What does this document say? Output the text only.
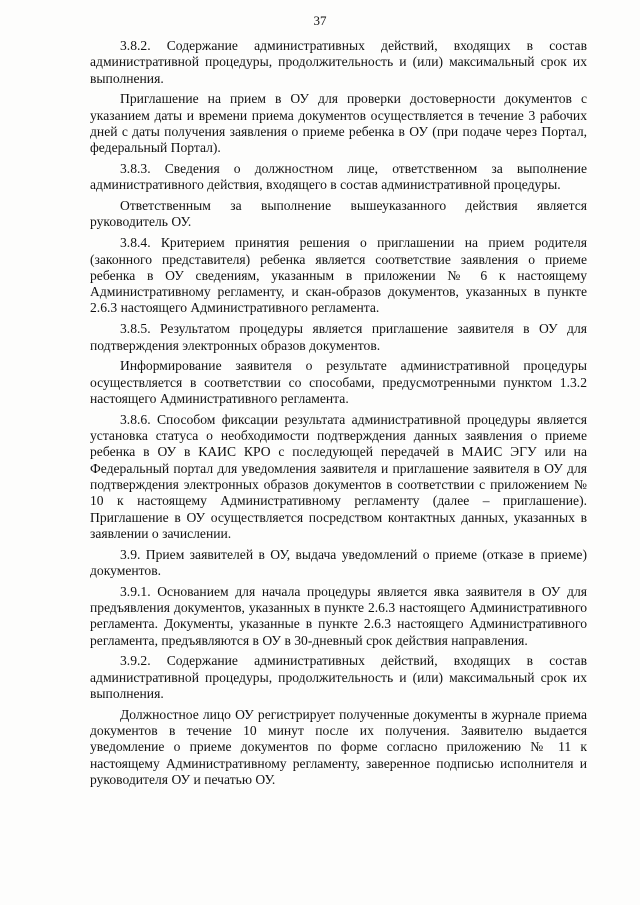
37

3.8.2. Содержание административных действий, входящих в состав административной процедуры, продолжительность и (или) максимальный срок их выполнения.

Приглашение на прием в ОУ для проверки достоверности документов с указанием даты и времени приема документов осуществляется в течение 3 рабочих дней с даты получения заявления о приеме ребенка в ОУ (при подаче через Портал, федеральный Портал).

3.8.3. Сведения о должностном лице, ответственном за выполнение административного действия, входящего в состав административной процедуры.

Ответственным за выполнение вышеуказанного действия является руководитель ОУ.

3.8.4. Критерием принятия решения о приглашении на прием родителя (законного представителя) ребенка является соответствие заявления о приеме ребенка в ОУ сведениям, указанным в приложении № 6 к настоящему Административному регламенту, и скан-образов документов, указанных в пункте 2.6.3 настоящего Административного регламента.

3.8.5. Результатом процедуры является приглашение заявителя в ОУ для подтверждения электронных образов документов.

Информирование заявителя о результате административной процедуры осуществляется в соответствии со способами, предусмотренными пунктом 1.3.2 настоящего Административного регламента.

3.8.6. Способом фиксации результата административной процедуры является установка статуса о необходимости подтверждения данных заявления о приеме ребенка в ОУ в КАИС КРО с последующей передачей в МАИС ЭГУ или на Федеральный портал для уведомления заявителя и приглашение заявителя в ОУ для подтверждения электронных образов документов в соответствии с приложением № 10 к настоящему Административному регламенту (далее – приглашение). Приглашение в ОУ осуществляется посредством контактных данных, указанных в заявлении о зачислении.

3.9. Прием заявителей в ОУ, выдача уведомлений о приеме (отказе в приеме) документов.

3.9.1. Основанием для начала процедуры является явка заявителя в ОУ для предъявления документов, указанных в пункте 2.6.3 настоящего Административного регламента. Документы, указанные в пункте 2.6.3 настоящего Административного регламента, предъявляются в ОУ в 30-дневный срок действия направления.

3.9.2. Содержание административных действий, входящих в состав административной процедуры, продолжительность и (или) максимальный срок их выполнения.

Должностное лицо ОУ регистрирует полученные документы в журнале приема документов в течение 10 минут после их получения. Заявителю выдается уведомление о приеме документов по форме согласно приложению № 11 к настоящему Административному регламенту, заверенное подписью исполнителя и руководителя ОУ и печатью ОУ.
